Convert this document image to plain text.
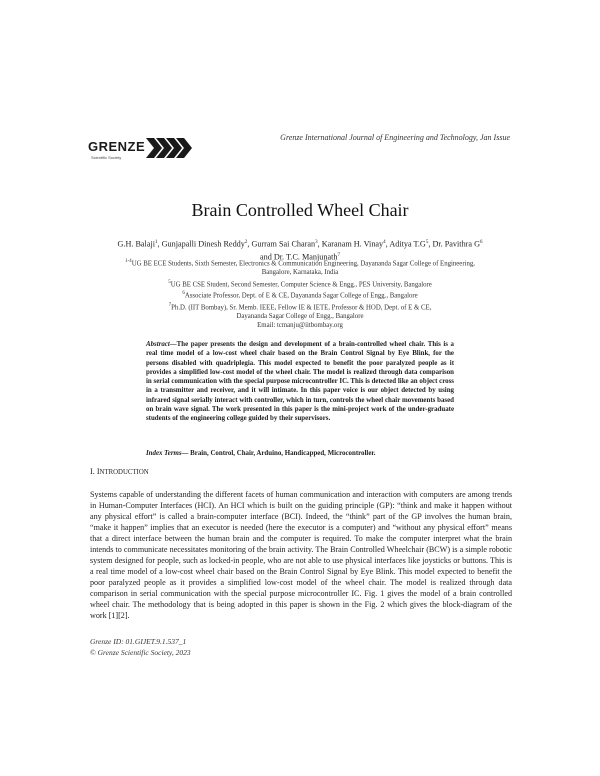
GRENZE
Scientific Society
Grenze International Journal of Engineering and Technology, Jan Issue
Brain Controlled Wheel Chair
G.H. Balaji$^1$, Gunjapalli Dinesh Reddy$^2$, Gurram Sai Charan$^3$, Karanam H. Vinay$^4$, Aditya $T.G^5$, Dr. Pavithra $G^6$
and Dr. T.C. Manjunath$^7$
$^{1-4}$UG BE ECE Students, Sixth Semester, Electronics & Communication Engineering, Dayananda Sagar College of Engineering,
Bangalore, Karnataka, India
$^5$UG BE CSE Student, Second Semester, Computer Science & Engg., PES University, Bangalore
$^6$Associate Professor, Dept. of E & CE, Dayananda Sagar College of Engg., Bangalore
$^7$Ph.D. (IIT Bombay), Sr. Memb. IEEE, Fellow IE & IETE, Professor & HOD, Dept. of E & CE,
Dayananda Sagar College of Engg., Bangalore
Email: tcmanju@iitbombay.org
Abstract—The paper presents the design and development of a brain-controlled wheel chair. This is a real time model of a low-cost wheel chair based on the Brain Control Signal by Eye Blink, for the persons disabled with quadriplegia. This model expected to benefit the poor paralyzed people as it provides a simplified low-cost model of the wheel chair. The model is realized through data comparison in serial communication with the special purpose microcontroller IC. This is detected like an object cross in a transmitter and receiver, and it will intimate. In this paper voice is our object detected by using infrared signal serially interact with controller, which in turn, controls the wheel chair movements based on brain wave signal. The work presented in this paper is the mini-project work of the under-graduate students of the engineering college guided by their supervisors.
Index Terms— Brain, Control, Chair, Arduino, Handicapped, Microcontroller.
I. INTRODUCTION

Systems capable of understanding the different facets of human communication and interaction with computers are among trends in Human-Computer Interfaces (HCI). An HCI which is built on the guiding principle (GP): “think and make it happen without any physical effort” is called a brain-computer interface (BCI). Indeed, the “think” part of the GP involves the human brain, “make it happen” implies that an executor is needed (here the executor is a computer) and “without any physical effort” means that a direct interface between the human brain and the computer is required. To make the computer interpret what the brain intends to communicate necessitates monitoring of the brain activity. The Brain Controlled Wheelchair (BCW) is a simple robotic system designed for people, such as locked-in people, who are not able to use physical interfaces like joysticks or buttons. This is a real time model of a low-cost wheel chair based on the Brain Control Signal by Eye Blink. This model expected to benefit the poor paralyzed people as it provides a simplified low-cost model of the wheel chair. The model is realized through data comparison in serial communication with the special purpose microcontroller IC. Fig. 1 gives the model of a brain controlled wheel chair. The methodology that is being adopted in this paper is shown in the Fig. 2 which gives the block-diagram of the work [1][2].

Grenze ID: 01.GIJET.9.1.537_1
© Grenze Scientific Society, 2023
